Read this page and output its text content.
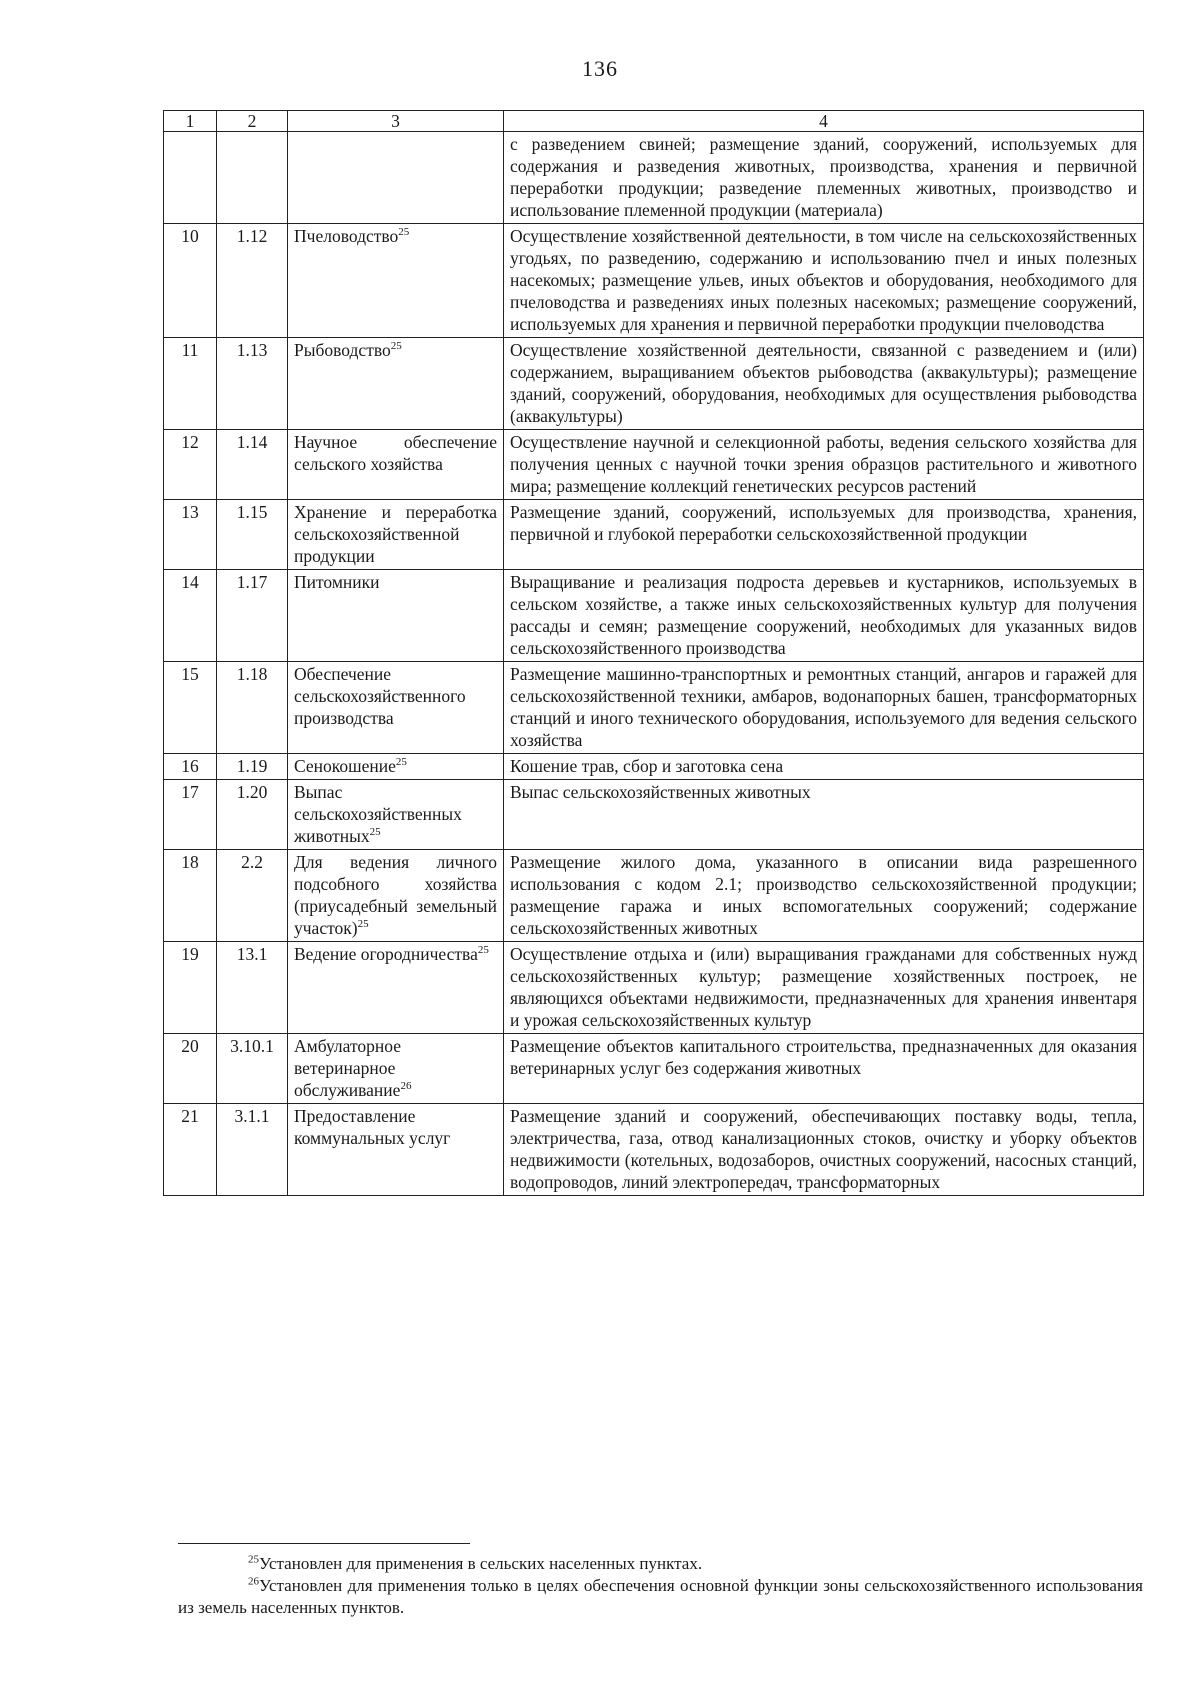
136
1	2	3	4
			с разведением свиней; размещение зданий, сооружений, используемых для содержания и разведения животных, производства, хранения и первичной переработки продукции; разведение племенных животных, производство и использование племенной продукции (материала)
10	1.12	Пчеловодство$^{25}$	Осуществление хозяйственной деятельности, в том числе на сельскохозяйственных угодьях, по разведению, содержанию и использованию пчел и иных полезных насекомых; размещение ульев, иных объектов и оборудования, необходимого для пчеловодства и разведениях иных полезных насекомых; размещение сооружений, используемых для хранения и первичной переработки продукции пчеловодства
11	1.13	Рыбоводство$^{25}$	Осуществление хозяйственной деятельности, связанной с разведением и (или) содержанием, выращиванием объектов рыбоводства (аквакультуры); размещение зданий, сооружений, оборудования, необходимых для осуществления рыбоводства (аквакультуры)
12	1.14	Научное обеспечение сельского хозяйства	Осуществление научной и селекционной работы, ведения сельского хозяйства для получения ценных с научной точки зрения образцов растительного и животного мира; размещение коллекций генетических ресурсов растений
13	1.15	Хранение и переработка сельскохозяйственной продукции	Размещение зданий, сооружений, используемых для производства, хранения, первичной и глубокой переработки сельскохозяйственной продукции
14	1.17	Питомники	Выращивание и реализация подроста деревьев и кустарников, используемых в сельском хозяйстве, а также иных сельскохозяйственных культур для получения рассады и семян; размещение сооружений, необходимых для указанных видов сельскохозяйственного производства
15	1.18	Обеспечение сельскохозяйственного производства	Размещение машинно-транспортных и ремонтных станций, ангаров и гаражей для сельскохозяйственной техники, амбаров, водонапорных башен, трансформаторных станций и иного технического оборудования, используемого для ведения сельского хозяйства
16	1.19	Сенокошение$^{25}$	Кошение трав, сбор и заготовка сена
17	1.20	Выпас сельскохозяйственных животных$^{25}$	Выпас сельскохозяйственных животных
18	2.2	Для ведения личного подсобного хозяйства (приусадебный земельный участок)$^{25}$	Размещение жилого дома, указанного в описании вида разрешенного использования с кодом 2.1; производство сельскохозяйственной продукции; размещение гаража и иных вспомогательных сооружений; содержание сельскохозяйственных животных
19	13.1	Ведение огородничества$^{25}$	Осуществление отдыха и (или) выращивания гражданами для собственных нужд сельскохозяйственных культур; размещение хозяйственных построек, не являющихся объектами недвижимости, предназначенных для хранения инвентаря и урожая сельскохозяйственных культур
20	3.10.1	Амбулаторное ветеринарное обслуживание$^{26}$	Размещение объектов капитального строительства, предназначенных для оказания ветеринарных услуг без содержания животных
21	3.1.1	Предоставление коммунальных услуг	Размещение зданий и сооружений, обеспечивающих поставку воды, тепла, электричества, газа, отвод канализационных стоков, очистку и уборку объектов недвижимости (котельных, водозаборов, очистных сооружений, насосных станций, водопроводов, линий электропередач, трансформаторных

$^{25}$Установлен для применения в сельских населенных пунктах.

$^{26}$Установлен для применения только в целях обеспечения основной функции зоны сельскохозяйственного использования из земель населенных пунктов.
